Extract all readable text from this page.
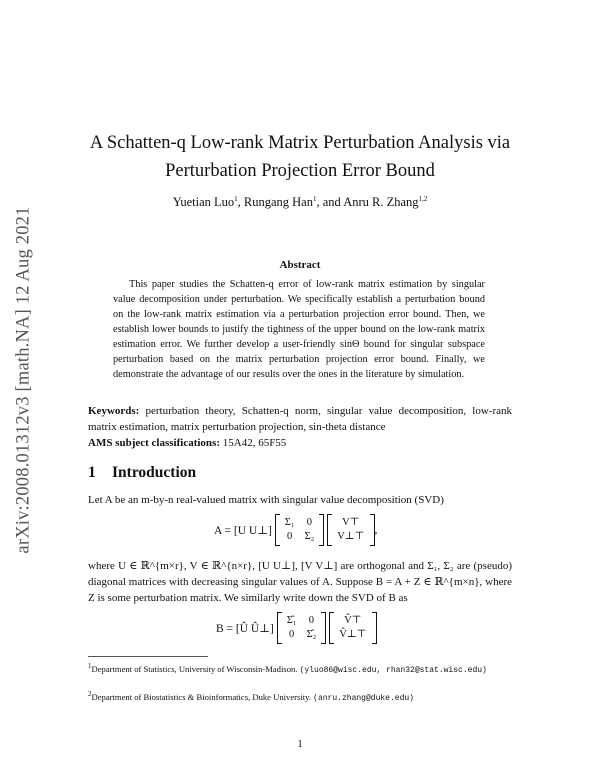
arXiv:2008.01312v3 [math.NA] 12 Aug 2021
A Schatten-q Low-rank Matrix Perturbation Analysis via
Perturbation Projection Error Bound
Yuetian Luo$^1$, Rungang Han$^1$, and Anru R. Zhang$^{1,2}$
Abstract

This paper studies the Schatten-q error of low-rank matrix estimation by singular value decomposition under perturbation. We specifically establish a perturbation bound on the low-rank matrix estimation via a perturbation projection error bound. Then, we establish lower bounds to justify the tightness of the upper bound on the low-rank matrix estimation error. We further develop a user-friendly sinΘ bound for singular subspace perturbation based on the matrix perturbation projection error bound. Finally, we demonstrate the advantage of our results over the ones in the literature by simulation.

Keywords: perturbation theory, Schatten-q norm, singular value decomposition, low-rank matrix estimation, matrix perturbation projection, sin-theta distance

AMS subject classifications: 15A42, 65F55

1 Introduction

Let A be an m-by-n real-valued matrix with singular value decomposition (SVD)

A = [U U⊥]
Σ₁	0
0	Σ₂

V⊤
V⊥⊤
,

where U ∈ ℝ^{m×r}, V ∈ ℝ^{n×r}, [U U⊥], [V V⊥] are orthogonal and Σ₁, Σ₂ are (pseudo) diagonal matrices with decreasing singular values of A. Suppose B = A + Z ∈ ℝ^{m×n}, where Z is some perturbation matrix. We similarly write down the SVD of B as

B = [Û Û⊥]
Σ̂₁	0
0	Σ̂₂

V̂⊤
V̂⊥⊤
$^1$Department of Statistics, University of Wisconsin-Madison. (yluo86@wisc.edu, rhan32@stat.wisc.edu)
$^2$Department of Biostatistics & Bioinformatics, Duke University. (anru.zhang@duke.edu)
1
